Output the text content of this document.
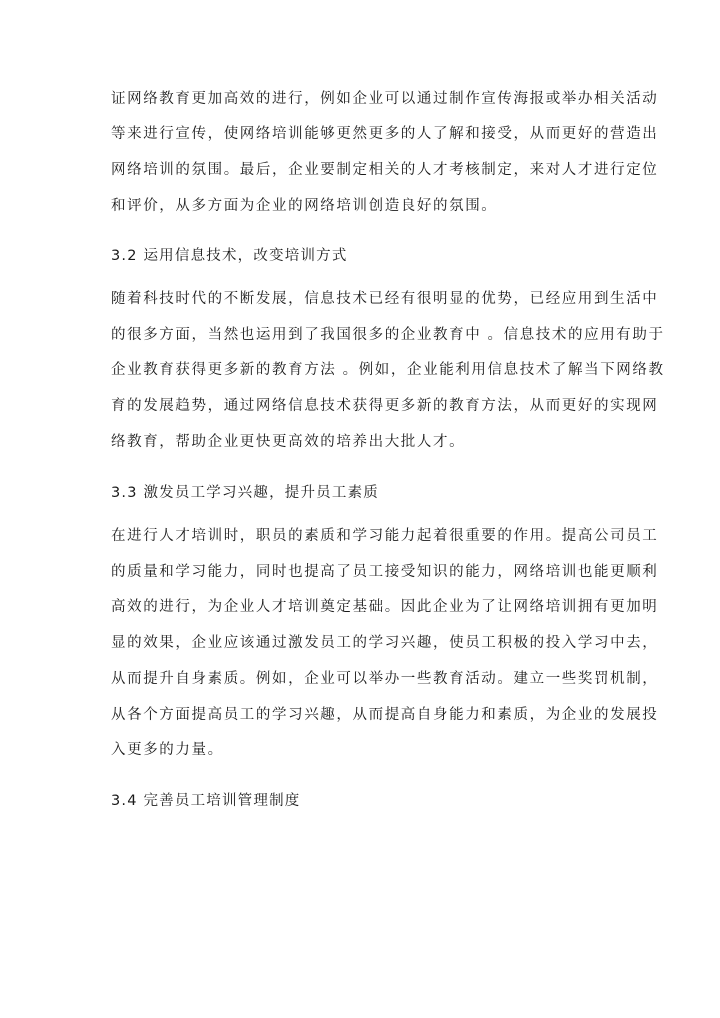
证网络教育更加高效的进行，例如企业可以通过制作宣传海报或举办相关活动
等来进行宣传，使网络培训能够更然更多的人了解和接受，从而更好的营造出
网络培训的氛围。最后，企业要制定相关的人才考核制定，来对人才进行定位
和评价，从多方面为企业的网络培训创造良好的氛围。
3.2 运用信息技术，改变培训方式
随着科技时代的不断发展，信息技术已经有很明显的优势，已经应用到生活中
的很多方面，当然也运用到了我国很多的企业教育中 。信息技术的应用有助于
企业教育获得更多新的教育方法 。例如，企业能利用信息技术了解当下网络教
育的发展趋势，通过网络信息技术获得更多新的教育方法，从而更好的实现网
络教育，帮助企业更快更高效的培养出大批人才。
3.3 激发员工学习兴趣，提升员工素质
在进行人才培训时，职员的素质和学习能力起着很重要的作用。提高公司员工
的质量和学习能力，同时也提高了员工接受知识的能力，网络培训也能更顺利
高效的进行，为企业人才培训奠定基础。因此企业为了让网络培训拥有更加明
显的效果，企业应该通过激发员工的学习兴趣，使员工积极的投入学习中去，
从而提升自身素质。例如，企业可以举办一些教育活动。建立一些奖罚机制，
从各个方面提高员工的学习兴趣，从而提高自身能力和素质，为企业的发展投
入更多的力量。
3.4 完善员工培训管理制度
